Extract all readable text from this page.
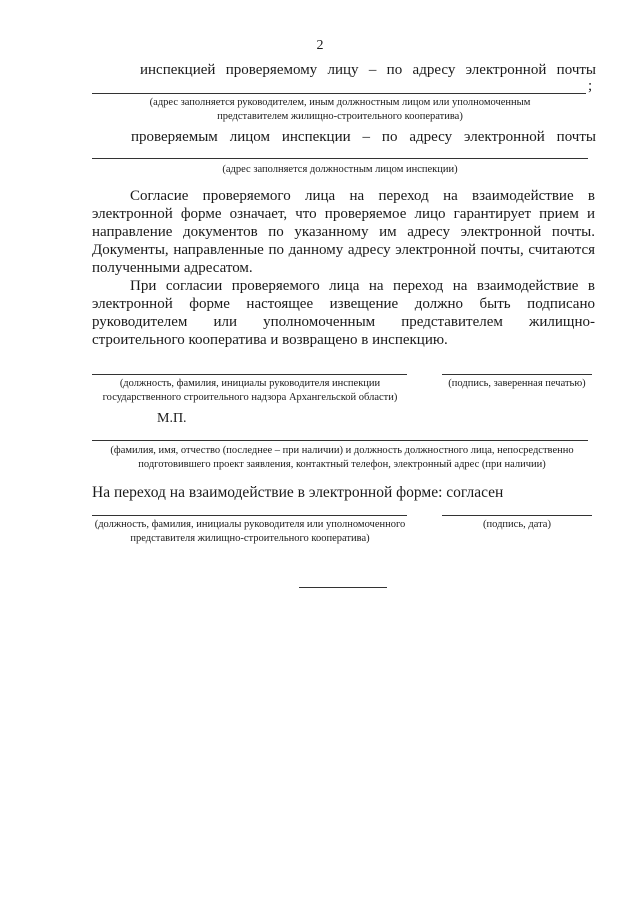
2
инспекцией проверяемому лицу – по адресу электронной почты
;
(адрес заполняется руководителем, иным должностным лицом или уполномоченным представителем жилищно-строительного кооператива)
проверяемым лицом инспекции – по адресу электронной почты
(адрес заполняется должностным лицом инспекции)
Согласие проверяемого лица на переход на взаимодействие в электронной форме означает, что проверяемое лицо гарантирует прием и направление документов по указанному им адресу электронной почты. Документы, направленные по данному адресу электронной почты, считаются полученными адресатом.
При согласии проверяемого лица на переход на взаимодействие в электронной форме настоящее извещение должно быть подписано руководителем или уполномоченным представителем жилищно-строительного кооператива и возвращено в инспекцию.
(должность, фамилия, инициалы руководителя инспекции государственного строительного надзора Архангельской области)
(подпись, заверенная печатью)
М.П.
(фамилия, имя, отчество (последнее – при наличии) и должность должностного лица, непосредственно подготовившего проект заявления, контактный телефон, электронный адрес (при наличии)
На переход на взаимодействие в электронной форме: согласен
(должность, фамилия, инициалы руководителя или уполномоченного представителя жилищно-строительного кооператива)
(подпись, дата)
